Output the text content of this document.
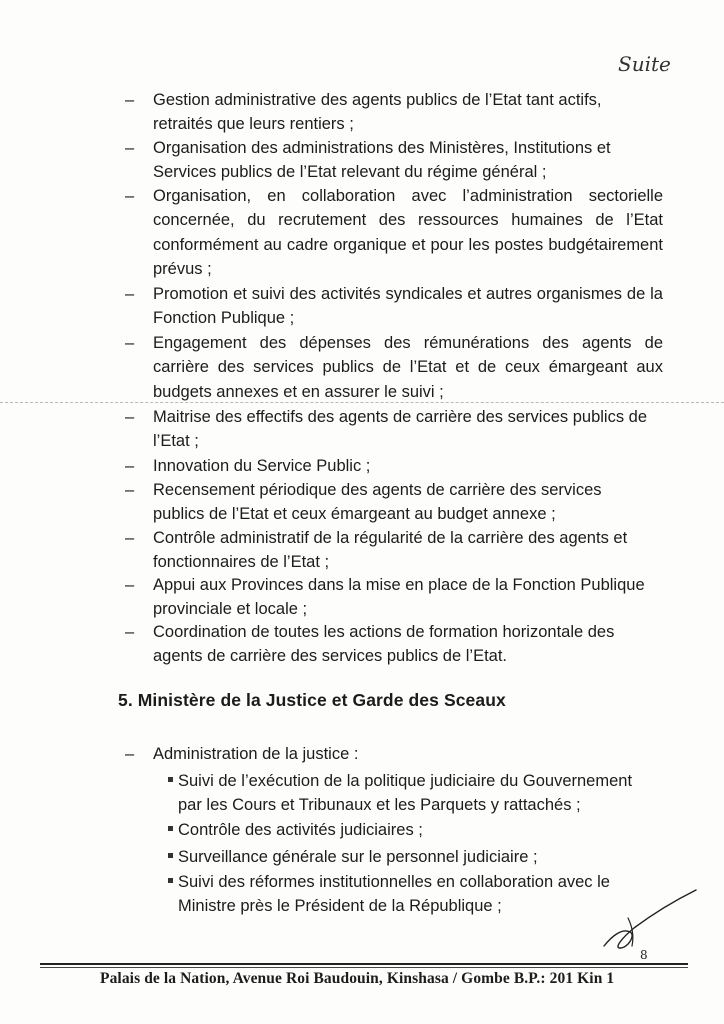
Suite
– Gestion administrative des agents publics de l’Etat tant actifs,
retraités que leurs rentiers ;
– Organisation des administrations des Ministères, Institutions et
Services publics de l’Etat relevant du régime général ;
– Organisation, en collaboration avec l’administration sectorielle concernée, du recrutement des ressources humaines de l’Etat conformément au cadre organique et pour les postes budgétairement prévus ;
– Promotion et suivi des activités syndicales et autres organismes de la Fonction Publique ;
– Engagement des dépenses des rémunérations des agents de carrière des services publics de l’Etat et de ceux émargeant aux budgets annexes et en assurer le suivi ;
– Maitrise des effectifs des agents de carrière des services publics de
l’Etat ;
– Innovation du Service Public ;
– Recensement périodique des agents de carrière des services
publics de l’Etat et ceux émargeant au budget annexe ;
– Contrôle administratif de la régularité de la carrière des agents et
fonctionnaires de l’Etat ;
– Appui aux Provinces dans la mise en place de la Fonction Publique
provinciale et locale ;
– Coordination de toutes les actions de formation horizontale des
agents de carrière des services publics de l’Etat.
5. Ministère de la Justice et Garde des Sceaux
– Administration de la justice :
Suivi de l’exécution de la politique judiciaire du Gouvernement
par les Cours et Tribunaux et les Parquets y rattachés ;
Contrôle des activités judiciaires ;
Surveillance générale sur le personnel judiciaire ;
Suivi des réformes institutionnelles en collaboration avec le
Ministre près le Président de la République ;
8
Palais de la Nation, Avenue Roi Baudouin, Kinshasa / Gombe B.P.: 201 Kin 1
